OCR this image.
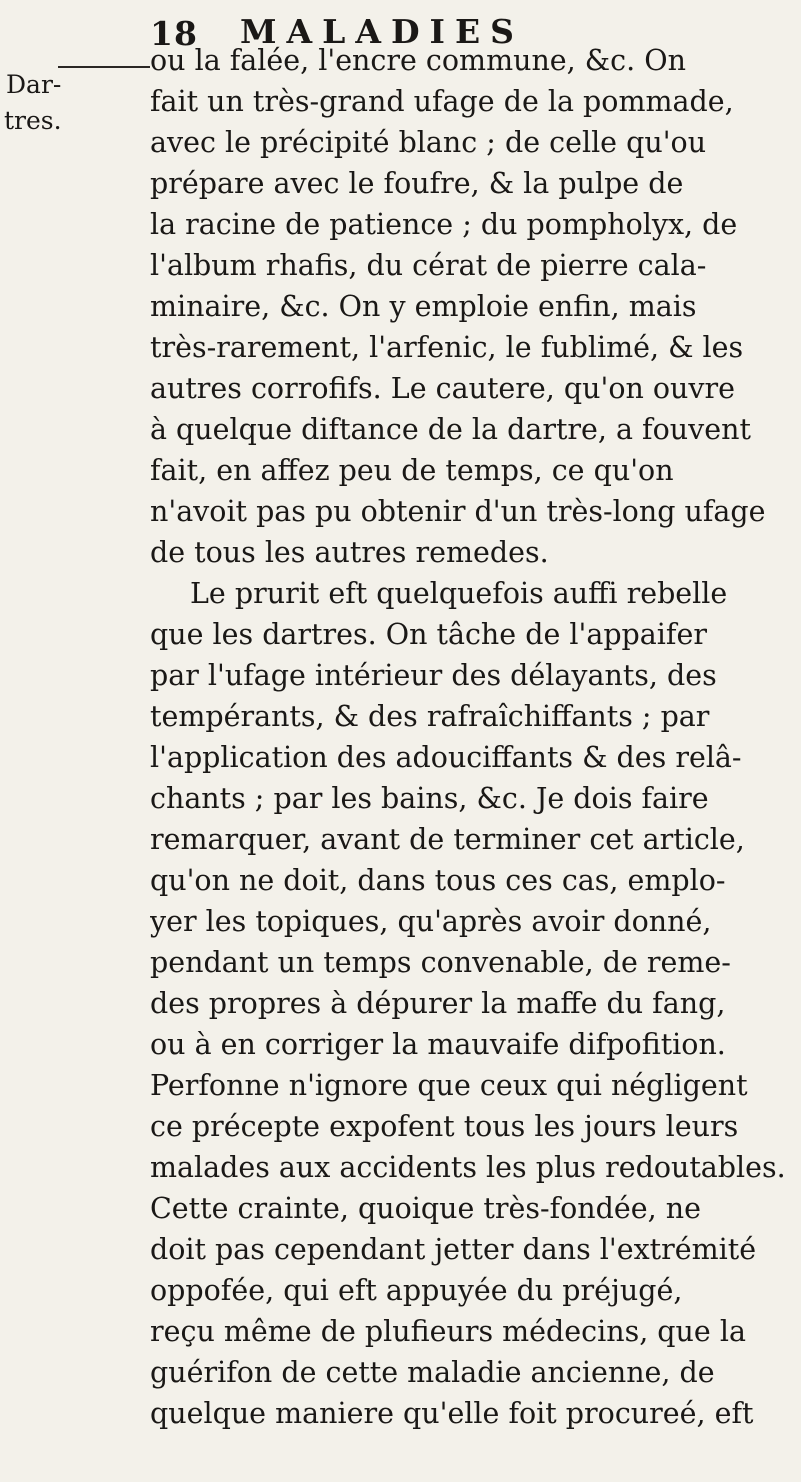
18 MALADIES
Dar-
tres.
ou la falée, l'encre commune, &c. On
fait un très-grand ufage de la pommade,
avec le précipité blanc ; de celle qu'ou
prépare avec le foufre, & la pulpe de
la racine de patience ; du pompholyx, de
l'album rhafis, du cérat de pierre cala-
minaire, &c. On y emploie enfin, mais
très-rarement, l'arfenic, le fublimé, & les
autres corrofifs. Le cautere, qu'on ouvre
à quelque diftance de la dartre, a fouvent
fait, en affez peu de temps, ce qu'on
n'avoit pas pu obtenir d'un très-long ufage
de tous les autres remedes.
Le prurit eft quelquefois auffi rebelle
que les dartres. On tâche de l'appaifer
par l'ufage intérieur des délayants, des
tempérants, & des rafraîchiffants ; par
l'application des adouciffants & des relâ-
chants ; par les bains, &c. Je dois faire
remarquer, avant de terminer cet article,
qu'on ne doit, dans tous ces cas, emplo-
yer les topiques, qu'après avoir donné,
pendant un temps convenable, de reme-
des propres à dépurer la maffe du fang,
ou à en corriger la mauvaife difpofition.
Perfonne n'ignore que ceux qui négligent
ce précepte expofent tous les jours leurs
malades aux accidents les plus redoutables.
Cette crainte, quoique très-fondée, ne
doit pas cependant jetter dans l'extrémité
oppofée, qui eft appuyée du préjugé,
reçu même de plufieurs médecins, que la
guérifon de cette maladie ancienne, de
quelque maniere qu'elle foit procureé, eft
